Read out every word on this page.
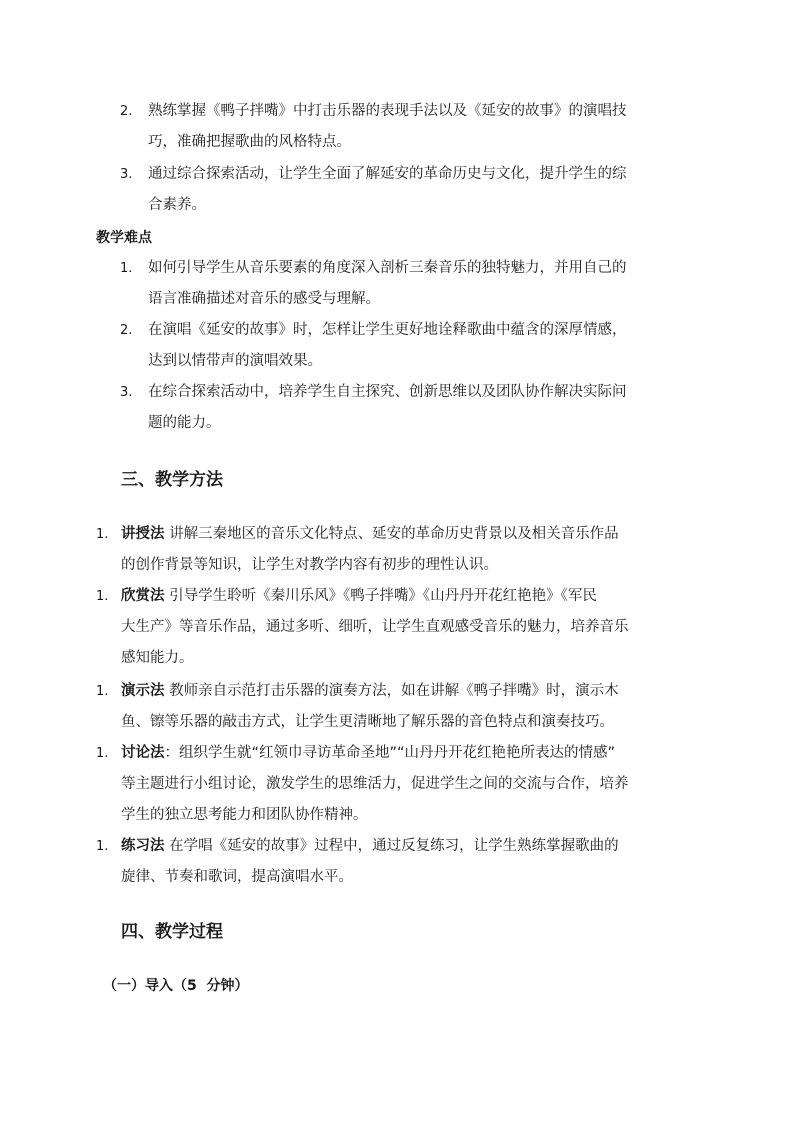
2. 熟练掌握《鸭子拌嘴》中打击乐器的表现手法以及《延安的故事》的演唱技
巧，准确把握歌曲的风格特点。
3. 通过综合探索活动，让学生全面了解延安的革命历史与文化，提升学生的综
合素养。
教学难点
1. 如何引导学生从音乐要素的角度深入剖析三秦音乐的独特魅力，并用自己的
语言准确描述对音乐的感受与理解。
2. 在演唱《延安的故事》时，怎样让学生更好地诠释歌曲中蕴含的深厚情感，
达到以情带声的演唱效果。
3. 在综合探索活动中，培养学生自主探究、创新思维以及团队协作解决实际问
题的能力。
三、教学方法
1. 讲授法 讲解三秦地区的音乐文化特点、延安的革命历史背景以及相关音乐作品
的创作背景等知识，让学生对教学内容有初步的理性认识。
1. 欣赏法 引导学生聆听《秦川乐风》《鸭子拌嘴》《山丹丹开花红艳艳》《军民
大生产》等音乐作品，通过多听、细听，让学生直观感受音乐的魅力，培养音乐
感知能力。
1. 演示法 教师亲自示范打击乐器的演奏方法，如在讲解《鸭子拌嘴》时，演示木
鱼、镲等乐器的敲击方式，让学生更清晰地了解乐器的音色特点和演奏技巧。
1. 讨论法：组织学生就“红领巾寻访革命圣地”“山丹丹开花红艳艳所表达的情感”
等主题进行小组讨论，激发学生的思维活力，促进学生之间的交流与合作，培养
学生的独立思考能力和团队协作精神。
1. 练习法 在学唱《延安的故事》过程中，通过反复练习，让学生熟练掌握歌曲的
旋律、节奏和歌词，提高演唱水平。
四、教学过程
（一）导入（5  分钟）
